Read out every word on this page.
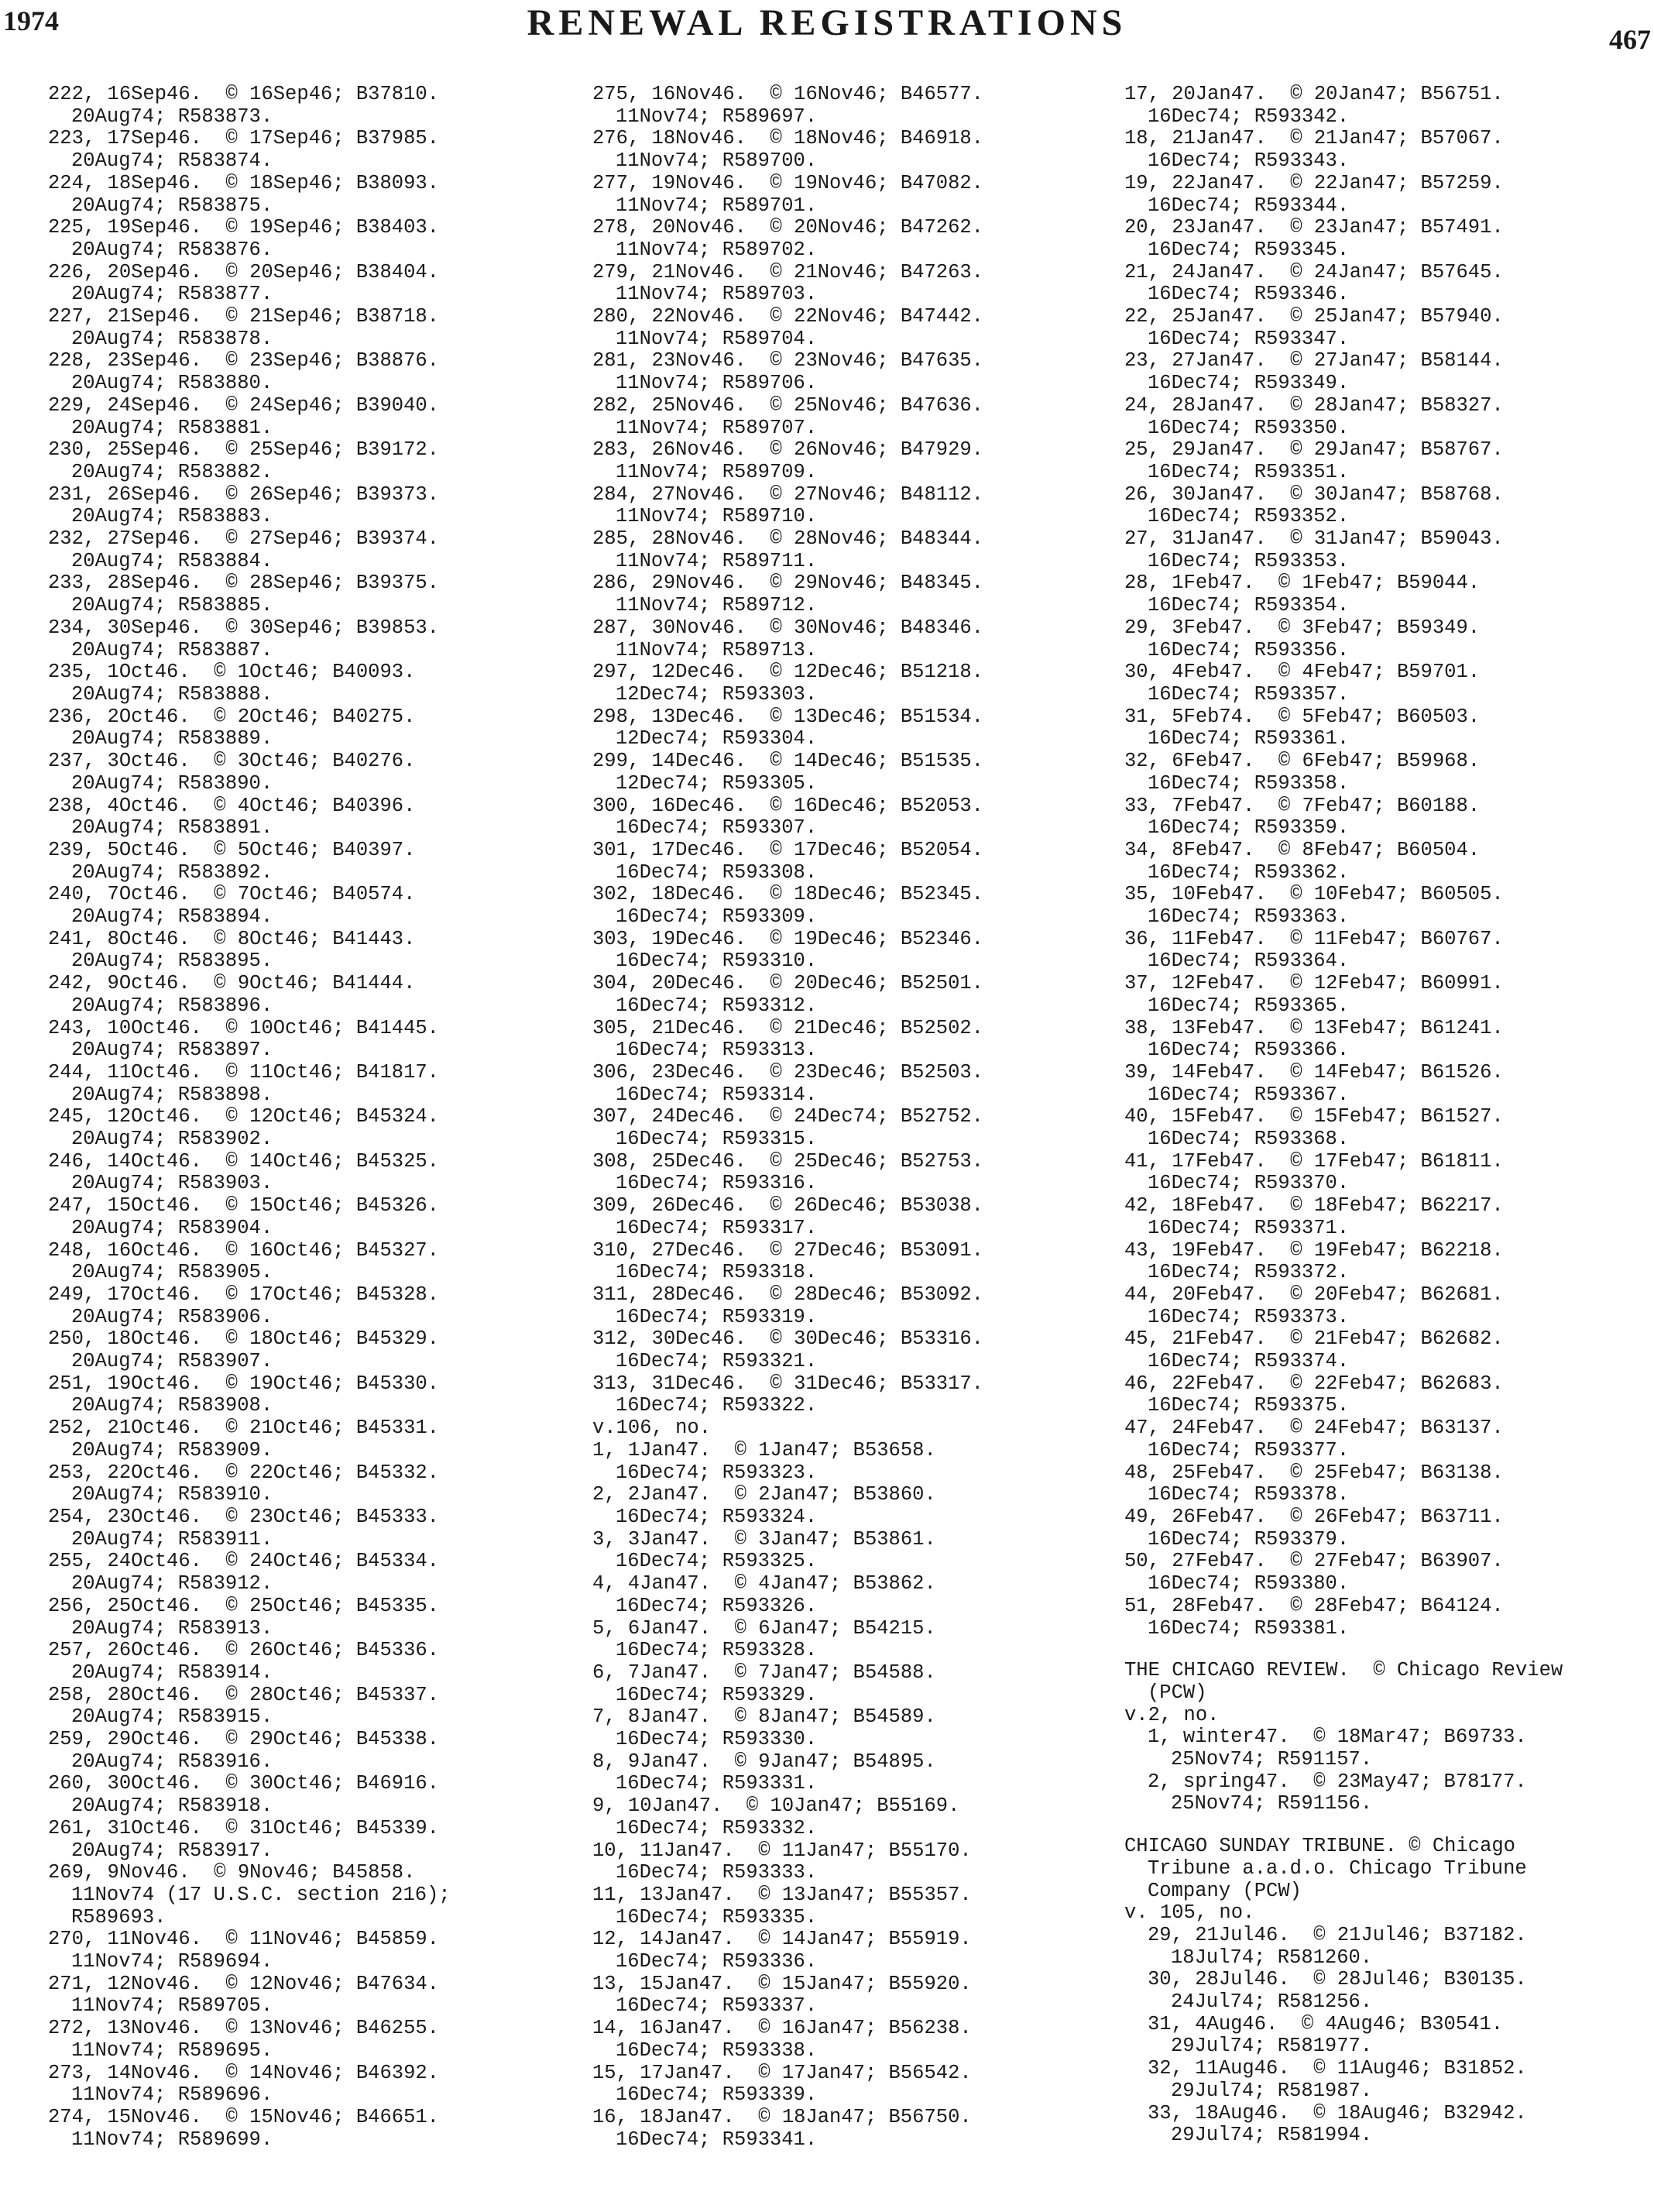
1974	RENEWAL REGISTRATIONS	467
222, 16Sep46.  © 16Sep46; B37810.
20Aug74; R583873.
223, 17Sep46.  © 17Sep46; B37985.
20Aug74; R583874.
224, 18Sep46.  © 18Sep46; B38093.
20Aug74; R583875.
225, 19Sep46.  © 19Sep46; B38403.
20Aug74; R583876.
226, 20Sep46.  © 20Sep46; B38404.
20Aug74; R583877.
227, 21Sep46.  © 21Sep46; B38718.
20Aug74; R583878.
228, 23Sep46.  © 23Sep46; B38876.
20Aug74; R583880.
229, 24Sep46.  © 24Sep46; B39040.
20Aug74; R583881.
230, 25Sep46.  © 25Sep46; B39172.
20Aug74; R583882.
231, 26Sep46.  © 26Sep46; B39373.
20Aug74; R583883.
232, 27Sep46.  © 27Sep46; B39374.
20Aug74; R583884.
233, 28Sep46.  © 28Sep46; B39375.
20Aug74; R583885.
234, 30Sep46.  © 30Sep46; B39853.
20Aug74; R583887.
235, 1Oct46.  © 1Oct46; B40093.
20Aug74; R583888.
236, 2Oct46.  © 2Oct46; B40275.
20Aug74; R583889.
237, 3Oct46.  © 3Oct46; B40276.
20Aug74; R583890.
238, 4Oct46.  © 4Oct46; B40396.
20Aug74; R583891.
239, 5Oct46.  © 5Oct46; B40397.
20Aug74; R583892.
240, 7Oct46.  © 7Oct46; B40574.
20Aug74; R583894.
241, 8Oct46.  © 8Oct46; B41443.
20Aug74; R583895.
242, 9Oct46.  © 9Oct46; B41444.
20Aug74; R583896.
243, 10Oct46.  © 10Oct46; B41445.
20Aug74; R583897.
244, 11Oct46.  © 11Oct46; B41817.
20Aug74; R583898.
245, 12Oct46.  © 12Oct46; B45324.
20Aug74; R583902.
246, 14Oct46.  © 14Oct46; B45325.
20Aug74; R583903.
247, 15Oct46.  © 15Oct46; B45326.
20Aug74; R583904.
248, 16Oct46.  © 16Oct46; B45327.
20Aug74; R583905.
249, 17Oct46.  © 17Oct46; B45328.
20Aug74; R583906.
250, 18Oct46.  © 18Oct46; B45329.
20Aug74; R583907.
251, 19Oct46.  © 19Oct46; B45330.
20Aug74; R583908.
252, 21Oct46.  © 21Oct46; B45331.
20Aug74; R583909.
253, 22Oct46.  © 22Oct46; B45332.
20Aug74; R583910.
254, 23Oct46.  © 23Oct46; B45333.
20Aug74; R583911.
255, 24Oct46.  © 24Oct46; B45334.
20Aug74; R583912.
256, 25Oct46.  © 25Oct46; B45335.
20Aug74; R583913.
257, 26Oct46.  © 26Oct46; B45336.
20Aug74; R583914.
258, 28Oct46.  © 28Oct46; B45337.
20Aug74; R583915.
259, 29Oct46.  © 29Oct46; B45338.
20Aug74; R583916.
260, 30Oct46.  © 30Oct46; B46916.
20Aug74; R583918.
261, 31Oct46.  © 31Oct46; B45339.
20Aug74; R583917.
269, 9Nov46.  © 9Nov46; B45858.
11Nov74 (17 U.S.C. section 216);
R589693.
270, 11Nov46.  © 11Nov46; B45859.
11Nov74; R589694.
271, 12Nov46.  © 12Nov46; B47634.
11Nov74; R589705.
272, 13Nov46.  © 13Nov46; B46255.
11Nov74; R589695.
273, 14Nov46.  © 14Nov46; B46392.
11Nov74; R589696.
274, 15Nov46.  © 15Nov46; B46651.
11Nov74; R589699.
275, 16Nov46.  © 16Nov46; B46577.
11Nov74; R589697.
276, 18Nov46.  © 18Nov46; B46918.
11Nov74; R589700.
277, 19Nov46.  © 19Nov46; B47082.
11Nov74; R589701.
278, 20Nov46.  © 20Nov46; B47262.
11Nov74; R589702.
279, 21Nov46.  © 21Nov46; B47263.
11Nov74; R589703.
280, 22Nov46.  © 22Nov46; B47442.
11Nov74; R589704.
281, 23Nov46.  © 23Nov46; B47635.
11Nov74; R589706.
282, 25Nov46.  © 25Nov46; B47636.
11Nov74; R589707.
283, 26Nov46.  © 26Nov46; B47929.
11Nov74; R589709.
284, 27Nov46.  © 27Nov46; B48112.
11Nov74; R589710.
285, 28Nov46.  © 28Nov46; B48344.
11Nov74; R589711.
286, 29Nov46.  © 29Nov46; B48345.
11Nov74; R589712.
287, 30Nov46.  © 30Nov46; B48346.
11Nov74; R589713.
297, 12Dec46.  © 12Dec46; B51218.
12Dec74; R593303.
298, 13Dec46.  © 13Dec46; B51534.
12Dec74; R593304.
299, 14Dec46.  © 14Dec46; B51535.
12Dec74; R593305.
300, 16Dec46.  © 16Dec46; B52053.
16Dec74; R593307.
301, 17Dec46.  © 17Dec46; B52054.
16Dec74; R593308.
302, 18Dec46.  © 18Dec46; B52345.
16Dec74; R593309.
303, 19Dec46.  © 19Dec46; B52346.
16Dec74; R593310.
304, 20Dec46.  © 20Dec46; B52501.
16Dec74; R593312.
305, 21Dec46.  © 21Dec46; B52502.
16Dec74; R593313.
306, 23Dec46.  © 23Dec46; B52503.
16Dec74; R593314.
307, 24Dec46.  © 24Dec74; B52752.
16Dec74; R593315.
308, 25Dec46.  © 25Dec46; B52753.
16Dec74; R593316.
309, 26Dec46.  © 26Dec46; B53038.
16Dec74; R593317.
310, 27Dec46.  © 27Dec46; B53091.
16Dec74; R593318.
311, 28Dec46.  © 28Dec46; B53092.
16Dec74; R593319.
312, 30Dec46.  © 30Dec46; B53316.
16Dec74; R593321.
313, 31Dec46.  © 31Dec46; B53317.
16Dec74; R593322.
v.106, no.
1, 1Jan47.  © 1Jan47; B53658.
16Dec74; R593323.
2, 2Jan47.  © 2Jan47; B53860.
16Dec74; R593324.
3, 3Jan47.  © 3Jan47; B53861.
16Dec74; R593325.
4, 4Jan47.  © 4Jan47; B53862.
16Dec74; R593326.
5, 6Jan47.  © 6Jan47; B54215.
16Dec74; R593328.
6, 7Jan47.  © 7Jan47; B54588.
16Dec74; R593329.
7, 8Jan47.  © 8Jan47; B54589.
16Dec74; R593330.
8, 9Jan47.  © 9Jan47; B54895.
16Dec74; R593331.
9, 10Jan47.  © 10Jan47; B55169.
16Dec74; R593332.
10, 11Jan47.  © 11Jan47; B55170.
16Dec74; R593333.
11, 13Jan47.  © 13Jan47; B55357.
16Dec74; R593335.
12, 14Jan47.  © 14Jan47; B55919.
16Dec74; R593336.
13, 15Jan47.  © 15Jan47; B55920.
16Dec74; R593337.
14, 16Jan47.  © 16Jan47; B56238.
16Dec74; R593338.
15, 17Jan47.  © 17Jan47; B56542.
16Dec74; R593339.
16, 18Jan47.  © 18Jan47; B56750.
16Dec74; R593341.
17, 20Jan47.  © 20Jan47; B56751.
16Dec74; R593342.
18, 21Jan47.  © 21Jan47; B57067.
16Dec74; R593343.
19, 22Jan47.  © 22Jan47; B57259.
16Dec74; R593344.
20, 23Jan47.  © 23Jan47; B57491.
16Dec74; R593345.
21, 24Jan47.  © 24Jan47; B57645.
16Dec74; R593346.
22, 25Jan47.  © 25Jan47; B57940.
16Dec74; R593347.
23, 27Jan47.  © 27Jan47; B58144.
16Dec74; R593349.
24, 28Jan47.  © 28Jan47; B58327.
16Dec74; R593350.
25, 29Jan47.  © 29Jan47; B58767.
16Dec74; R593351.
26, 30Jan47.  © 30Jan47; B58768.
16Dec74; R593352.
27, 31Jan47.  © 31Jan47; B59043.
16Dec74; R593353.
28, 1Feb47.  © 1Feb47; B59044.
16Dec74; R593354.
29, 3Feb47.  © 3Feb47; B59349.
16Dec74; R593356.
30, 4Feb47.  © 4Feb47; B59701.
16Dec74; R593357.
31, 5Feb74.  © 5Feb47; B60503.
16Dec74; R593361.
32, 6Feb47.  © 6Feb47; B59968.
16Dec74; R593358.
33, 7Feb47.  © 7Feb47; B60188.
16Dec74; R593359.
34, 8Feb47.  © 8Feb47; B60504.
16Dec74; R593362.
35, 10Feb47.  © 10Feb47; B60505.
16Dec74; R593363.
36, 11Feb47.  © 11Feb47; B60767.
16Dec74; R593364.
37, 12Feb47.  © 12Feb47; B60991.
16Dec74; R593365.
38, 13Feb47.  © 13Feb47; B61241.
16Dec74; R593366.
39, 14Feb47.  © 14Feb47; B61526.
16Dec74; R593367.
40, 15Feb47.  © 15Feb47; B61527.
16Dec74; R593368.
41, 17Feb47.  © 17Feb47; B61811.
16Dec74; R593370.
42, 18Feb47.  © 18Feb47; B62217.
16Dec74; R593371.
43, 19Feb47.  © 19Feb47; B62218.
16Dec74; R593372.
44, 20Feb47.  © 20Feb47; B62681.
16Dec74; R593373.
45, 21Feb47.  © 21Feb47; B62682.
16Dec74; R593374.
46, 22Feb47.  © 22Feb47; B62683.
16Dec74; R593375.
47, 24Feb47.  © 24Feb47; B63137.
16Dec74; R593377.
48, 25Feb47.  © 25Feb47; B63138.
16Dec74; R593378.
49, 26Feb47.  © 26Feb47; B63711.
16Dec74; R593379.
50, 27Feb47.  © 27Feb47; B63907.
16Dec74; R593380.
51, 28Feb47.  © 28Feb47; B64124.
16Dec74; R593381.
THE CHICAGO REVIEW.  © Chicago Review
(PCW)
v.2, no.
1, winter47.  © 18Mar47; B69733.
25Nov74; R591157.
2, spring47.  © 23May47; B78177.
25Nov74; R591156.
CHICAGO SUNDAY TRIBUNE. © Chicago
Tribune a.a.d.o. Chicago Tribune
Company (PCW)
v. 105, no.
29, 21Jul46.  © 21Jul46; B37182.
18Jul74; R581260.
30, 28Jul46.  © 28Jul46; B30135.
24Jul74; R581256.
31, 4Aug46.  © 4Aug46; B30541.
29Jul74; R581977.
32, 11Aug46.  © 11Aug46; B31852.
29Jul74; R581987.
33, 18Aug46.  © 18Aug46; B32942.
29Jul74; R581994.
